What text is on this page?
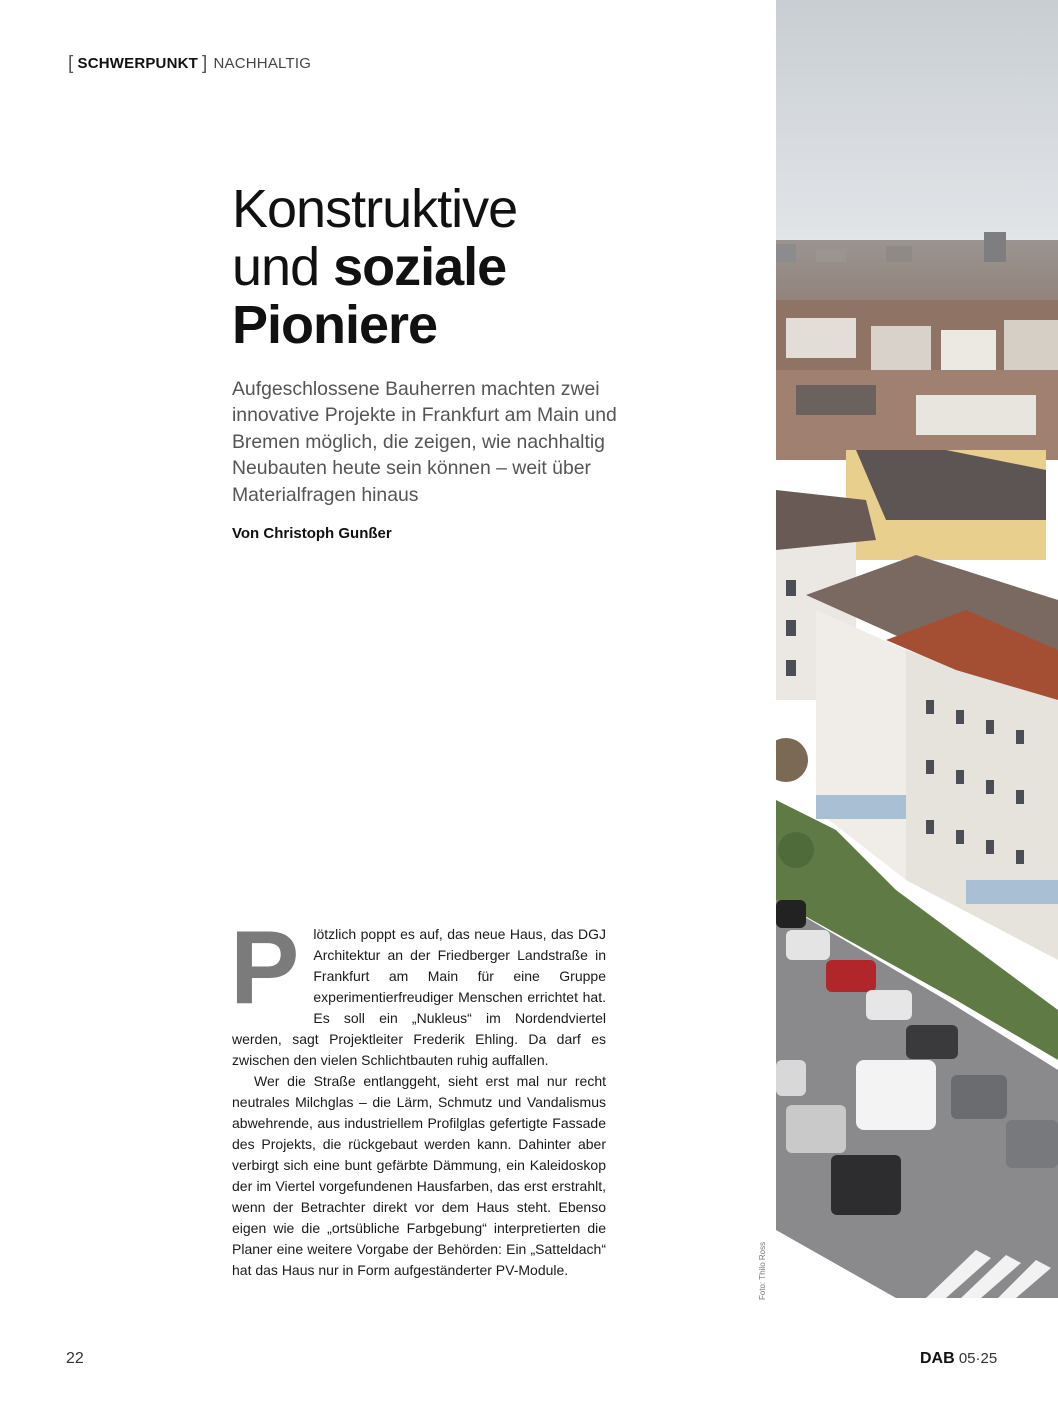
[ SCHWERPUNKT ] NACHHALTIG
Konstruktive
und soziale
Pioniere

Aufgeschlossene Bauherren machten zwei innovative Projekte in Frankfurt am Main und Bremen möglich, die zeigen, wie nachhaltig Neubauten heute sein können – weit über Materialfragen hinaus

Von Christoph Gunßer

P lötzlich poppt es auf, das neue Haus, das DGJ Architektur an der Friedberger Landstraße in Frankfurt am Main für eine Gruppe experimentierfreudiger Menschen errichtet hat. Es soll ein „Nukleus“ im Nordendviertel werden, sagt Projektleiter Frederik Ehling. Da darf es zwischen den vielen Schlichtbauten ruhig auffallen.

Wer die Straße entlanggeht, sieht erst mal nur recht neutrales Milchglas – die Lärm, Schmutz und Vandalismus abwehrende, aus industriellem Profilglas gefertigte Fassade des Projekts, die rückgebaut werden kann. Dahinter aber verbirgt sich eine bunt gefärbte Dämmung, ein Kaleidoskop der im Viertel vorgefundenen Hausfarben, das erst erstrahlt, wenn der Betrachter direkt vor dem Haus steht. Ebenso eigen wie die „ortsübliche Farbgebung“ interpretierten die Planer eine weitere Vorgabe der Behörden: Ein „Satteldach“ hat das Haus nur in Form aufgeständerter PV-Module.	Foto: Thilo Ross
22	DAB 05·25
